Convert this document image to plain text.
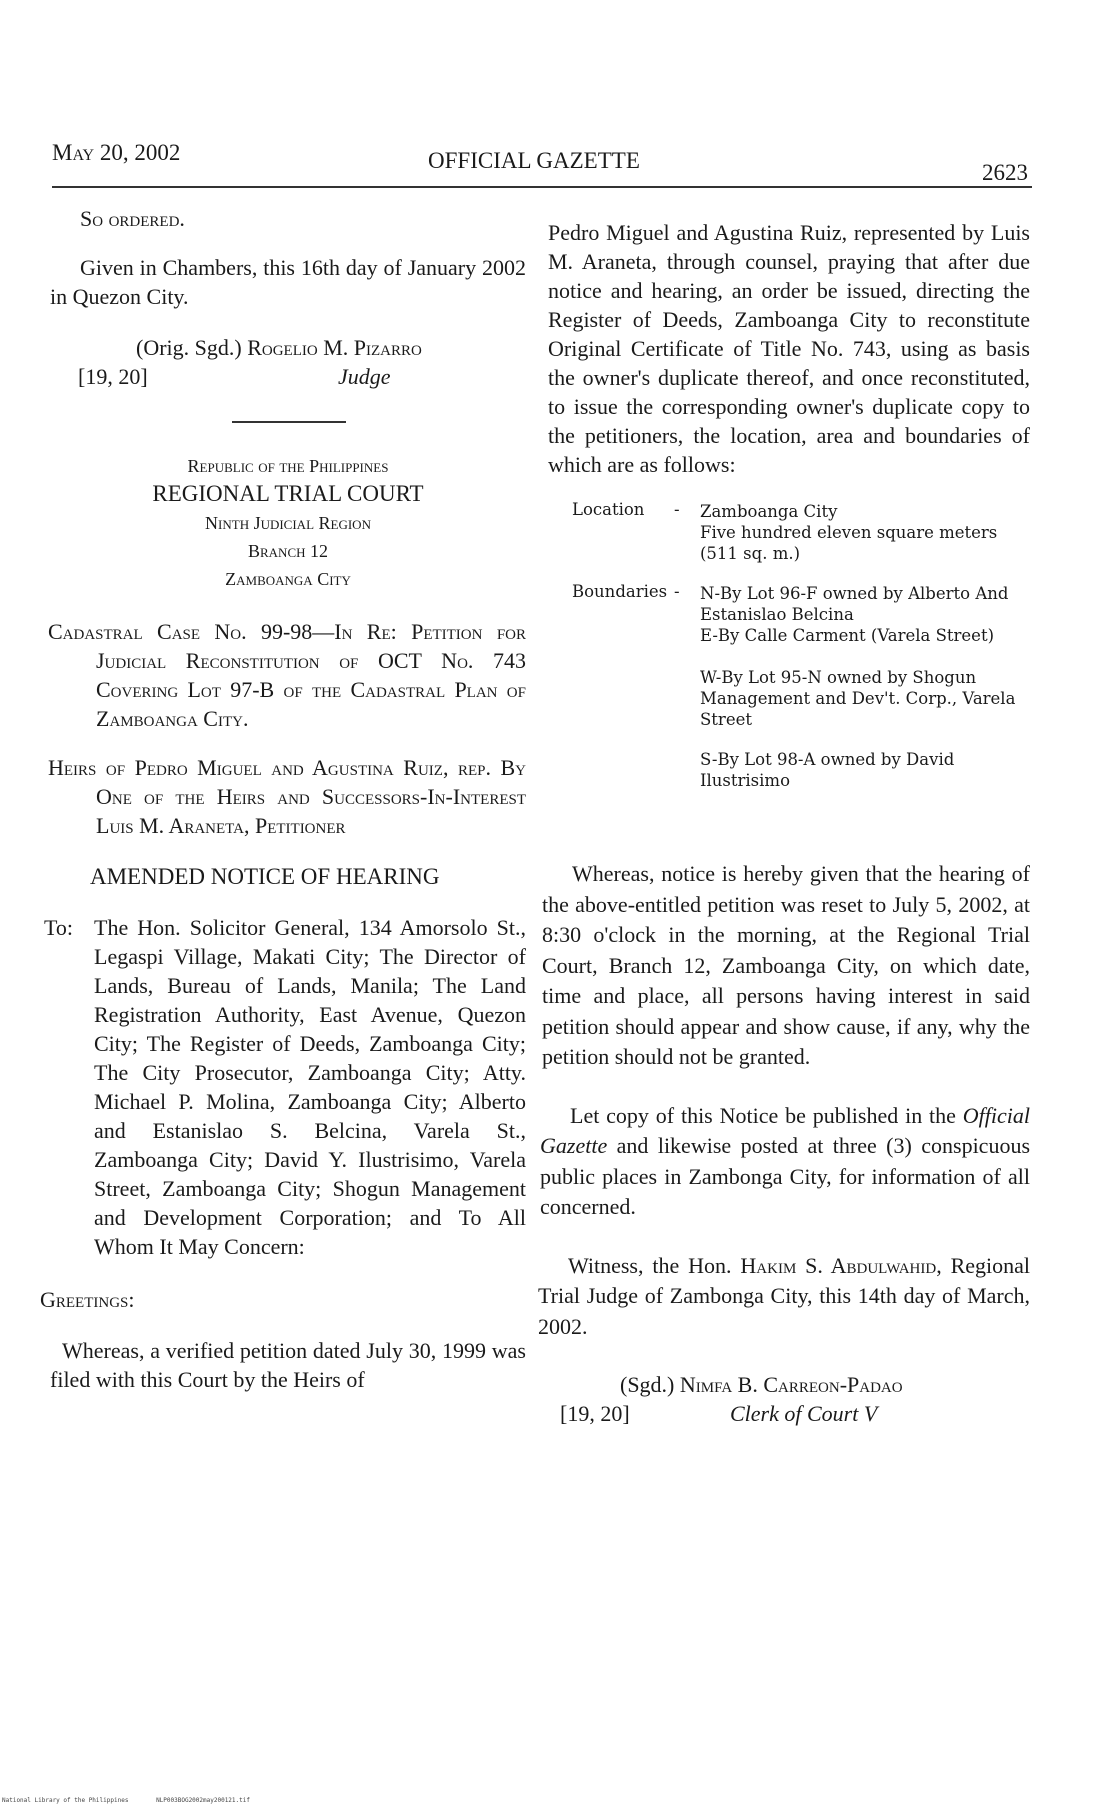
May 20, 2002	OFFICIAL GAZETTE	2623

So ordered.

Given in Chambers, this 16th day of January 2002 in Quezon City.

(Orig. Sgd.) Rogelio M. Pizarro
[19, 20]	Judge
Republic of the Philippines
REGIONAL TRIAL COURT
Ninth Judicial Region
Branch 12
Zamboanga City

Cadastral Case No. 99-98—In Re: Petition for Judicial Reconstitution of OCT No. 743 Covering Lot 97-B of the Cadastral Plan of Zamboanga City.

Heirs of Pedro Miguel and Agustina Ruiz, rep. By One of the Heirs and Successors-In-Interest Luis M. Araneta, Petitioner

AMENDED NOTICE OF HEARING

To: The Hon. Solicitor General, 134 Amorsolo St., Legaspi Village, Makati City; The Director of Lands, Bureau of Lands, Manila; The Land Registration Authority, East Avenue, Quezon City; The Register of Deeds, Zamboanga City; The City Prosecutor, Zamboanga City; Atty. Michael P. Molina, Zamboanga City; Alberto and Estanislao S. Belcina, Varela St., Zamboanga City; David Y. Ilustrisimo, Varela Street, Zamboanga City; Shogun Management and Development Corporation; and To All Whom It May Concern:

Greetings:

Whereas, a verified petition dated July 30, 1999 was filed with this Court by the Heirs of

Pedro Miguel and Agustina Ruiz, represented by Luis M. Araneta, through counsel, praying that after due notice and hearing, an order be issued, directing the Register of Deeds, Zamboanga City to reconstitute Original Certificate of Title No. 743, using as basis the owner's duplicate thereof, and once reconstituted, to issue the corresponding owner's duplicate copy to the petitioners, the location, area and boundaries of which are as follows:

Location - Zamboanga City
Five hundred eleven square meters
(511 sq. m.)
Boundaries - N-By Lot 96-F owned by Alberto And Estanislao Belcina
E-By Calle Carment (Varela Street)
W-By Lot 95-N owned by Shogun Management and Dev't. Corp., Varela Street
S-By Lot 98-A owned by David Ilustrisimo

Whereas, notice is hereby given that the hearing of the above-entitled petition was reset to July 5, 2002, at 8:30 o'clock in the morning, at the Regional Trial Court, Branch 12, Zamboanga City, on which date, time and place, all persons having interest in said petition should appear and show cause, if any, why the petition should not be granted.

Let copy of this Notice be published in the Official Gazette and likewise posted at three (3) conspicuous public places in Zambonga City, for information of all concerned.

Witness, the Hon. Hakim S. Abdulwahid, Regional Trial Judge of Zambonga City, this 14th day of March, 2002.

(Sgd.) Nimfa B. Carreon-Padao
[19, 20]	Clerk of Court V
National Library of the Philippines	NLP003BOG2002may200121.tif
